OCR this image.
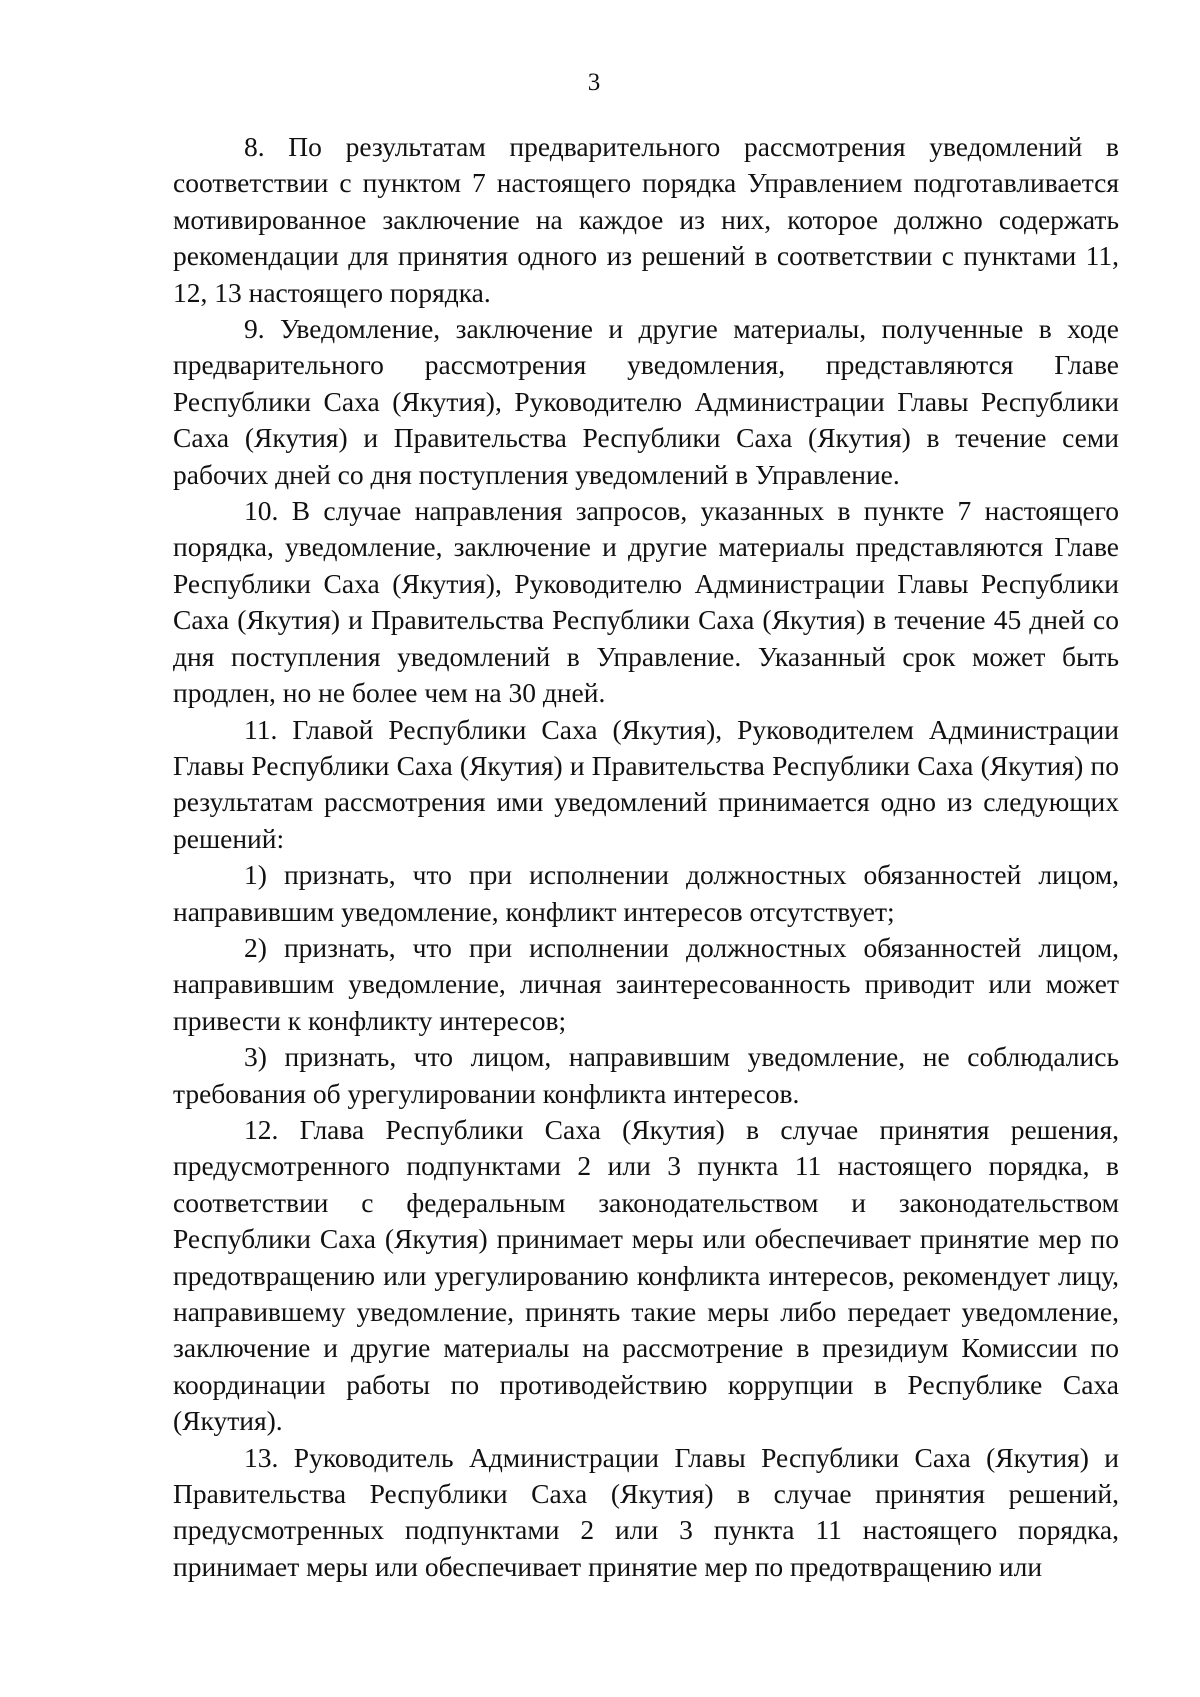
3

8. По результатам предварительного рассмотрения уведомлений в соответствии с пунктом 7 настоящего порядка Управлением подготавливается мотивированное заключение на каждое из них, которое должно содержать рекомендации для принятия одного из решений в соответствии с пунктами 11, 12, 13 настоящего порядка.

9. Уведомление, заключение и другие материалы, полученные в ходе предварительного рассмотрения уведомления, представляются Главе Республики Саха (Якутия), Руководителю Администрации Главы Республики Саха (Якутия) и Правительства Республики Саха (Якутия) в течение семи рабочих дней со дня поступления уведомлений в Управление.

10. В случае направления запросов, указанных в пункте 7 настоящего порядка, уведомление, заключение и другие материалы представляются Главе Республики Саха (Якутия), Руководителю Администрации Главы Республики Саха (Якутия) и Правительства Республики Саха (Якутия) в течение 45 дней со дня поступления уведомлений в Управление. Указанный срок может быть продлен, но не более чем на 30 дней.

11. Главой Республики Саха (Якутия), Руководителем Администрации Главы Республики Саха (Якутия) и Правительства Республики Саха (Якутия) по результатам рассмотрения ими уведомлений принимается одно из следующих решений:

1) признать, что при исполнении должностных обязанностей лицом, направившим уведомление, конфликт интересов отсутствует;

2) признать, что при исполнении должностных обязанностей лицом, направившим уведомление, личная заинтересованность приводит или может привести к конфликту интересов;

3) признать, что лицом, направившим уведомление, не соблюдались требования об урегулировании конфликта интересов.

12. Глава Республики Саха (Якутия) в случае принятия решения, предусмотренного подпунктами 2 или 3 пункта 11 настоящего порядка, в соответствии с федеральным законодательством и законодательством Республики Саха (Якутия) принимает меры или обеспечивает принятие мер по предотвращению или урегулированию конфликта интересов, рекомендует лицу, направившему уведомление, принять такие меры либо передает уведомление, заключение и другие материалы на рассмотрение в президиум Комиссии по координации работы по противодействию коррупции в Республике Саха (Якутия).

13. Руководитель Администрации Главы Республики Саха (Якутия) и Правительства Республики Саха (Якутия) в случае принятия решений, предусмотренных подпунктами 2 или 3 пункта 11 настоящего порядка, принимает меры или обеспечивает принятие мер по предотвращению или
